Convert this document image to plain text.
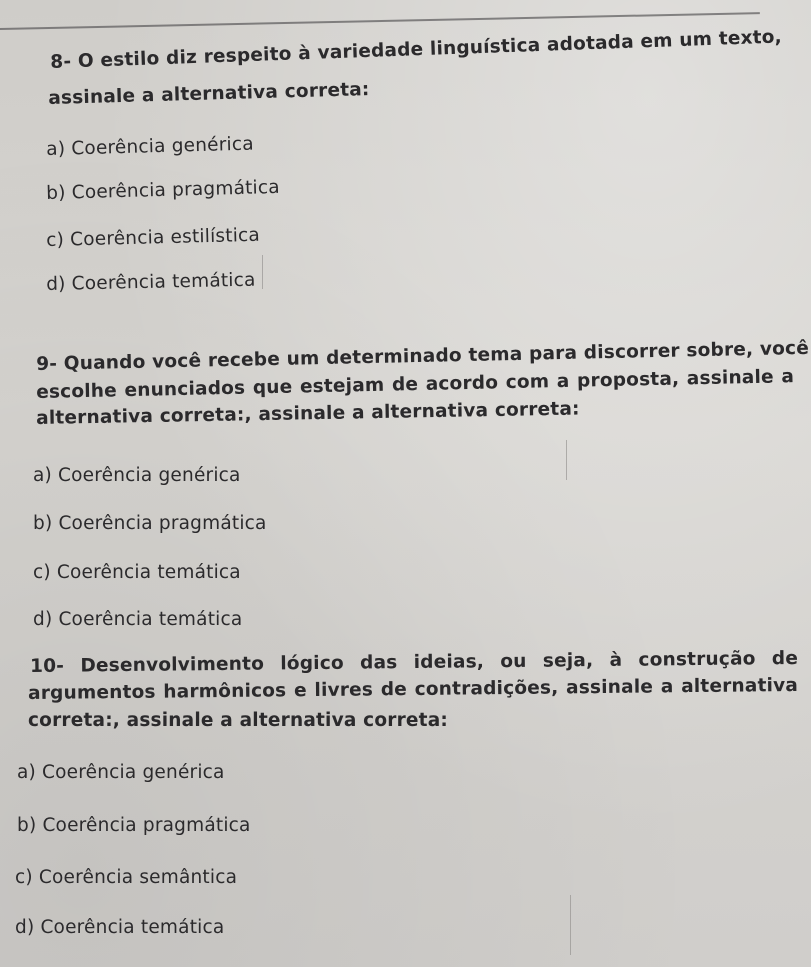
8- O estilo diz respeito à variedade linguística adotada em um texto,
assinale a alternativa correta:
a) Coerência genérica
b) Coerência pragmática
c) Coerência estilística
d) Coerência temática
9- Quando você recebe um determinado tema para discorrer sobre, você
escolhe enunciados que estejam de acordo com a proposta, assinale a
alternativa correta:, assinale a alternativa correta:
a) Coerência genérica
b) Coerência pragmática
c) Coerência temática
d) Coerência temática
10- Desenvolvimento lógico das ideias, ou seja, à construção de
argumentos harmônicos e livres de contradições, assinale a alternativa
correta:, assinale a alternativa correta:
a) Coerência genérica
b) Coerência pragmática
c) Coerência semântica
d) Coerência temática
